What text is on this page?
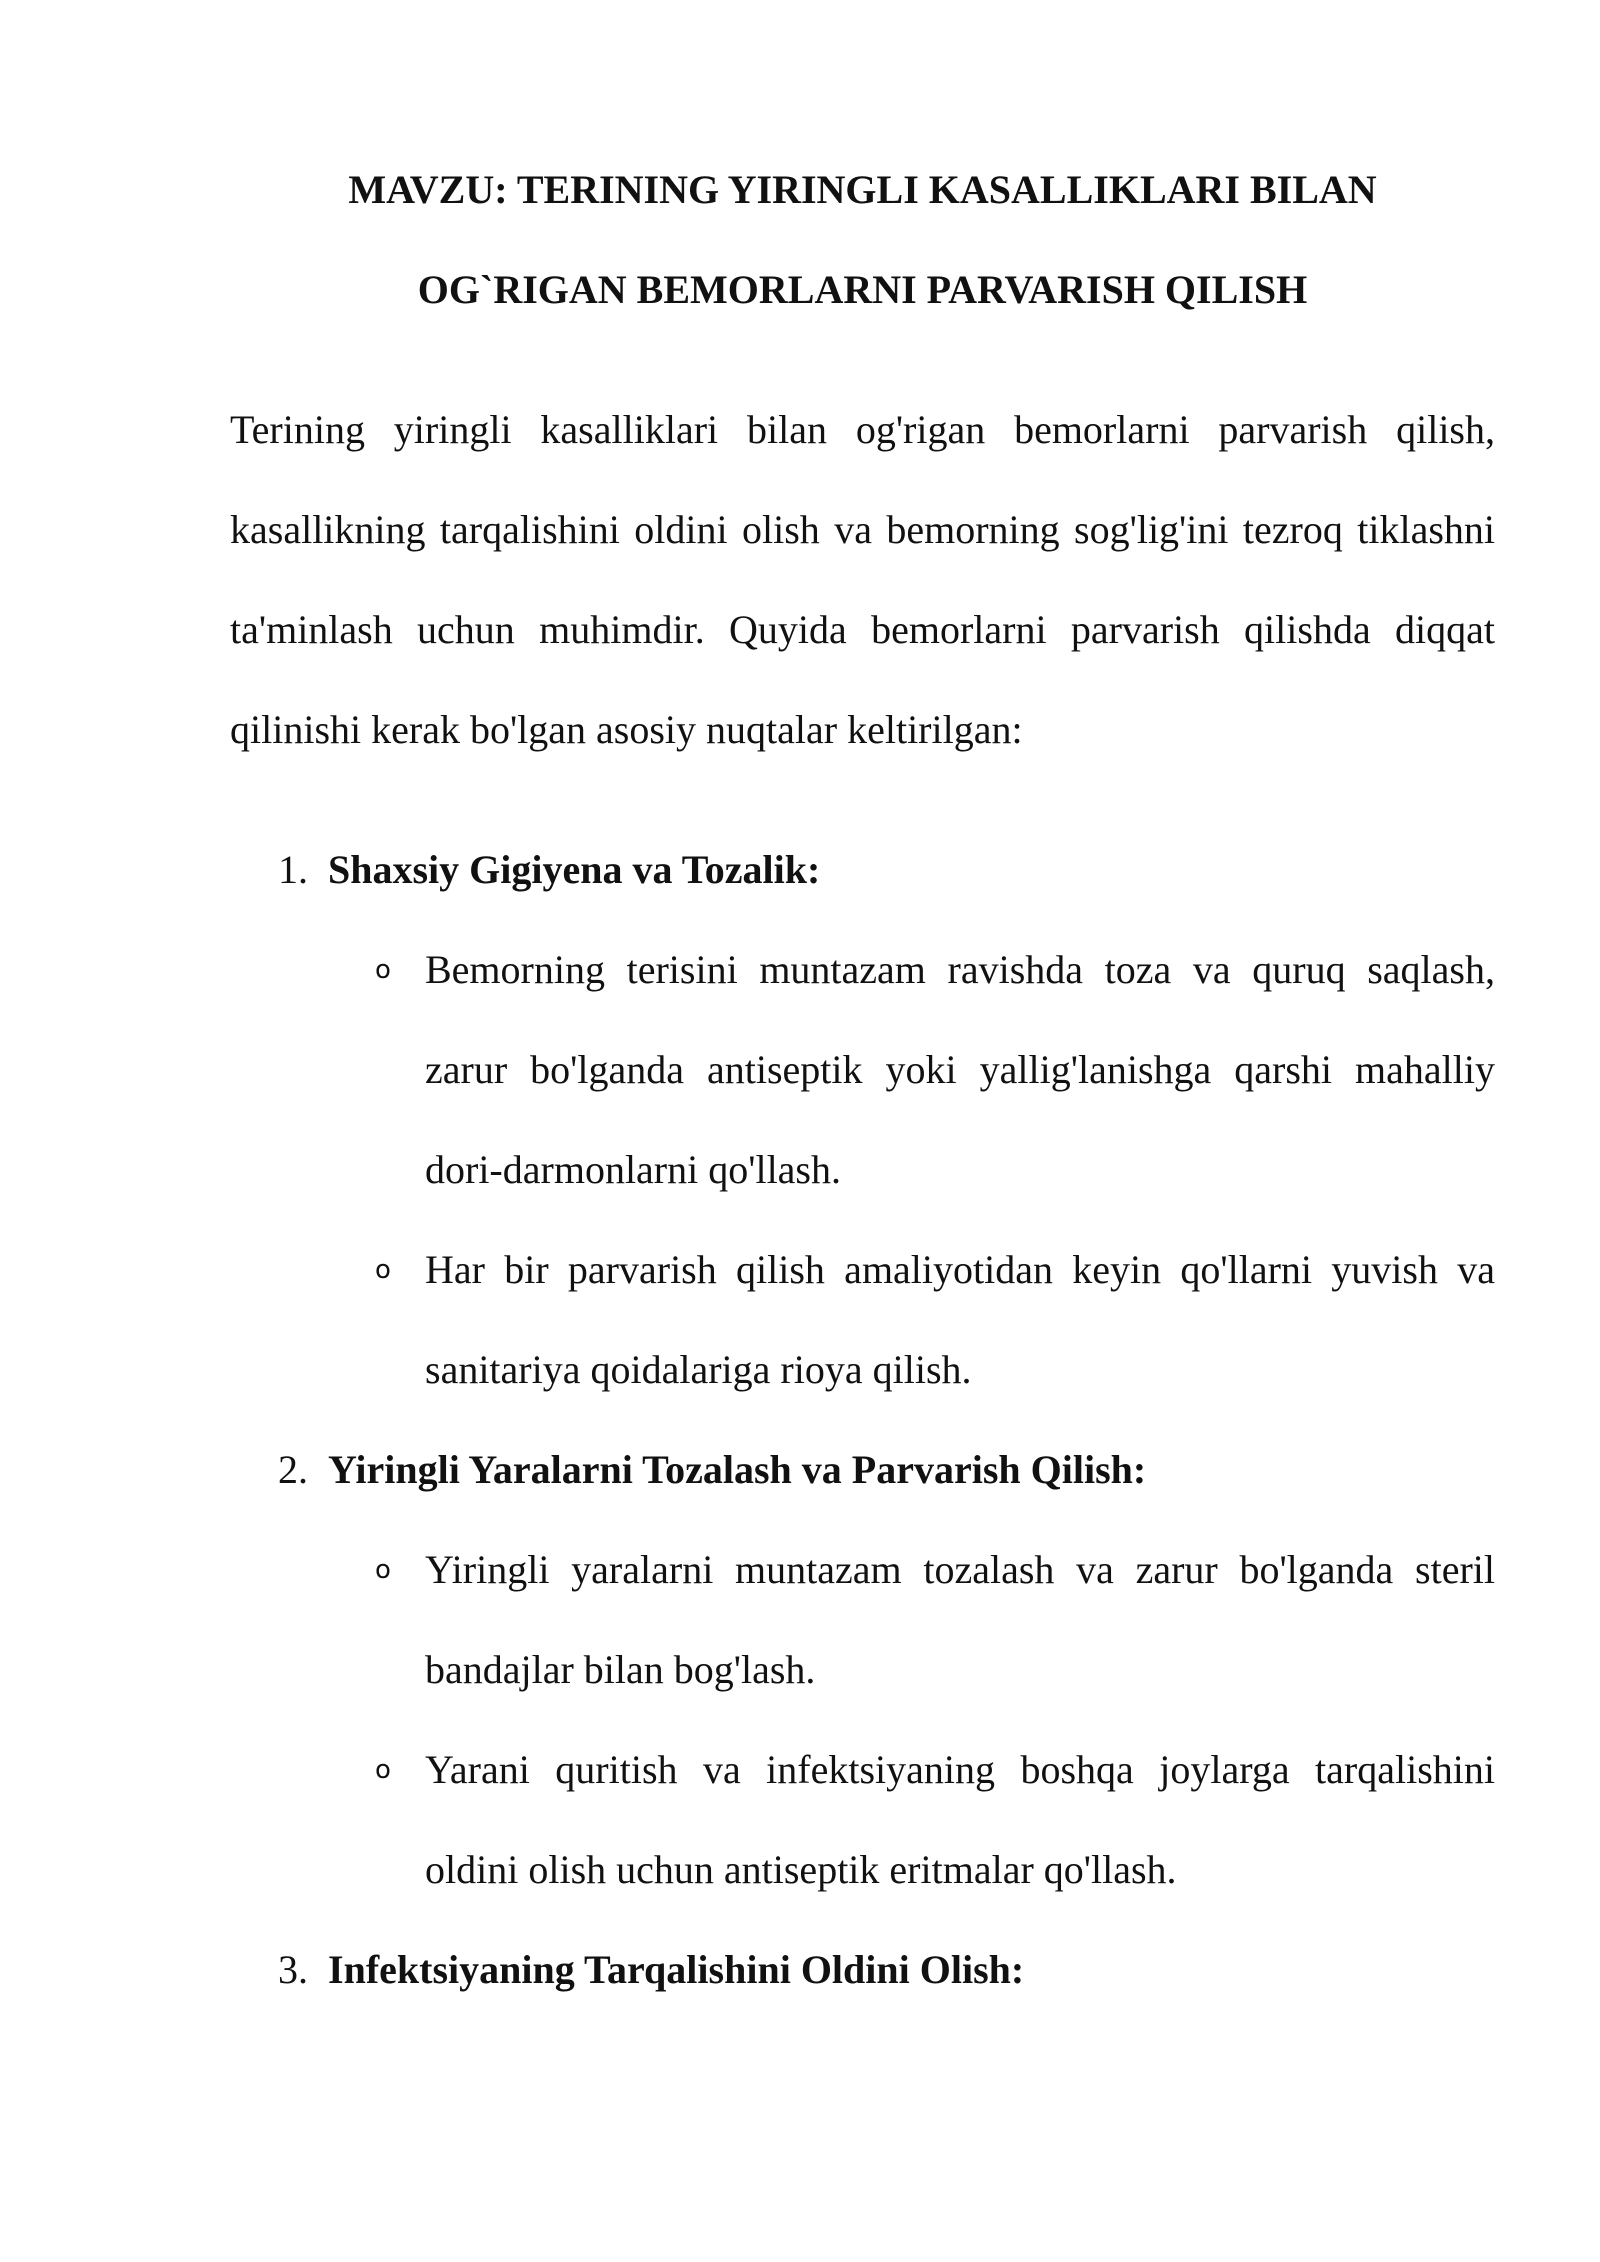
MAVZU: TERINING YIRINGLI KASALLIKLARI BILAN
OG`RIGAN BEMORLARNI PARVARISH QILISH

Terining yiringli kasalliklari bilan og'rigan bemorlarni parvarish qilish, kasallikning tarqalishini oldini olish va bemorning sog'lig'ini tezroq tiklashni ta'minlash uchun muhimdir. Quyida bemorlarni parvarish qilishda diqqat qilinishi kerak bo'lgan asosiy nuqtalar keltirilgan:

1. Shaxsiy Gigiyena va Tozalik:
o Bemorning terisini muntazam ravishda toza va quruq saqlash, zarur bo'lganda antiseptik yoki yallig'lanishga qarshi mahalliy dori-darmonlarni qo'llash.
o Har bir parvarish qilish amaliyotidan keyin qo'llarni yuvish va sanitariya qoidalariga rioya qilish.
2. Yiringli Yaralarni Tozalash va Parvarish Qilish:
o Yiringli yaralarni muntazam tozalash va zarur bo'lganda steril bandajlar bilan bog'lash.
o Yarani quritish va infektsiyaning boshqa joylarga tarqalishini oldini olish uchun antiseptik eritmalar qo'llash.
3. Infektsiyaning Tarqalishini Oldini Olish:
